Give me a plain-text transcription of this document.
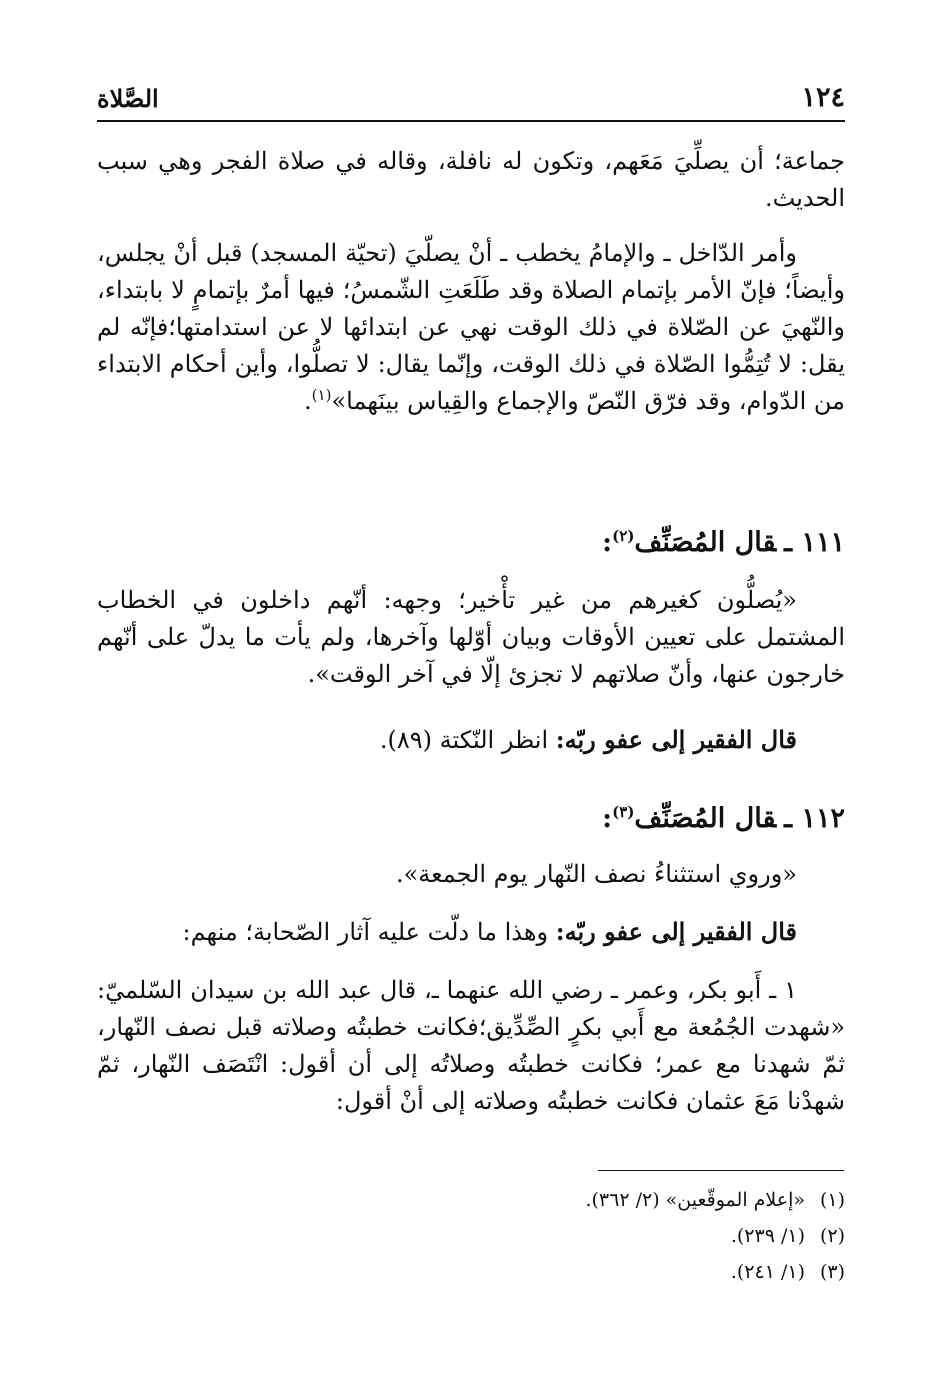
١٢٤
الصَّلاة

جماعة؛ أن يصلِّيَ مَعَهم، وتكون له نافلة، وقاله في صلاة الفجر وهي سبب الحديث.

وأمر الدّاخل ـ والإمامُ يخطب ـ أنْ يصلّيَ (تحيّة المسجد) قبل أنْ يجلس، وأيضاً؛ فإنّ الأمر بإتمام الصلاة وقد طَلَعَتِ الشّمسُ؛ فيها أمرٌ بإتمامٍ لا بابتداء، والنّهيَ عن الصّلاة في ذلك الوقت نهي عن ابتدائها لا عن استدامتها؛فإنّه لم يقل: لا تُتِمُّوا الصّلاة في ذلك الوقت، وإنّما يقال: لا تصلُّوا، وأين أحكام الابتداء من الدّوام، وقد فرّق النّصّ والإجماع والقِياس بينَهما»$^{(١)}$.

١١١ ـقال المُصَنِّف$^{(٢)}$:

«يُصلُّون كغيرهم من غير تأْخير؛ وجهه: أنّهم داخلون في الخطاب المشتمل على تعيين الأوقات وبيان أوّلها وآخرها، ولم يأت ما يدلّ على أنّهم خارجون عنها، وأنّ صلاتهم لا تجزئ إلّا في آخر الوقت».

قال الفقير إلى عفو ربّه: انظر النّكتة (٨٩).

١١٢ ـقال المُصَنِّف$^{(٣)}$:

«وروي استثناءُ نصف النّهار يوم الجمعة».

قال الفقير إلى عفو ربّه: وهذا ما دلّت عليه آثار الصّحابة؛ منهم:

١ ـ أَبو بكر، وعمر ـ رضي الله عنهما ـ، قال عبد الله بن سيدان السّلميّ: «شهدت الجُمُعة مع أَبي بكرٍ الصِّدِّيق؛فكانت خطبتُه وصلاته قبل نصف النّهار، ثمّ شهدنا مع عمر؛ فكانت خطبتُه وصلاتُه إلى أن أقول: انْتَصَف النّهار، ثمّ شهدْنا مَعَ عثمان فكانت خطبتُه وصلاته إلى أنْ أقول:

(١)«إعلام الموقّعين» (٢/ ٣٦٢).
(٢)(١/ ٢٣٩).
(٣)(١/ ٢٤١).
